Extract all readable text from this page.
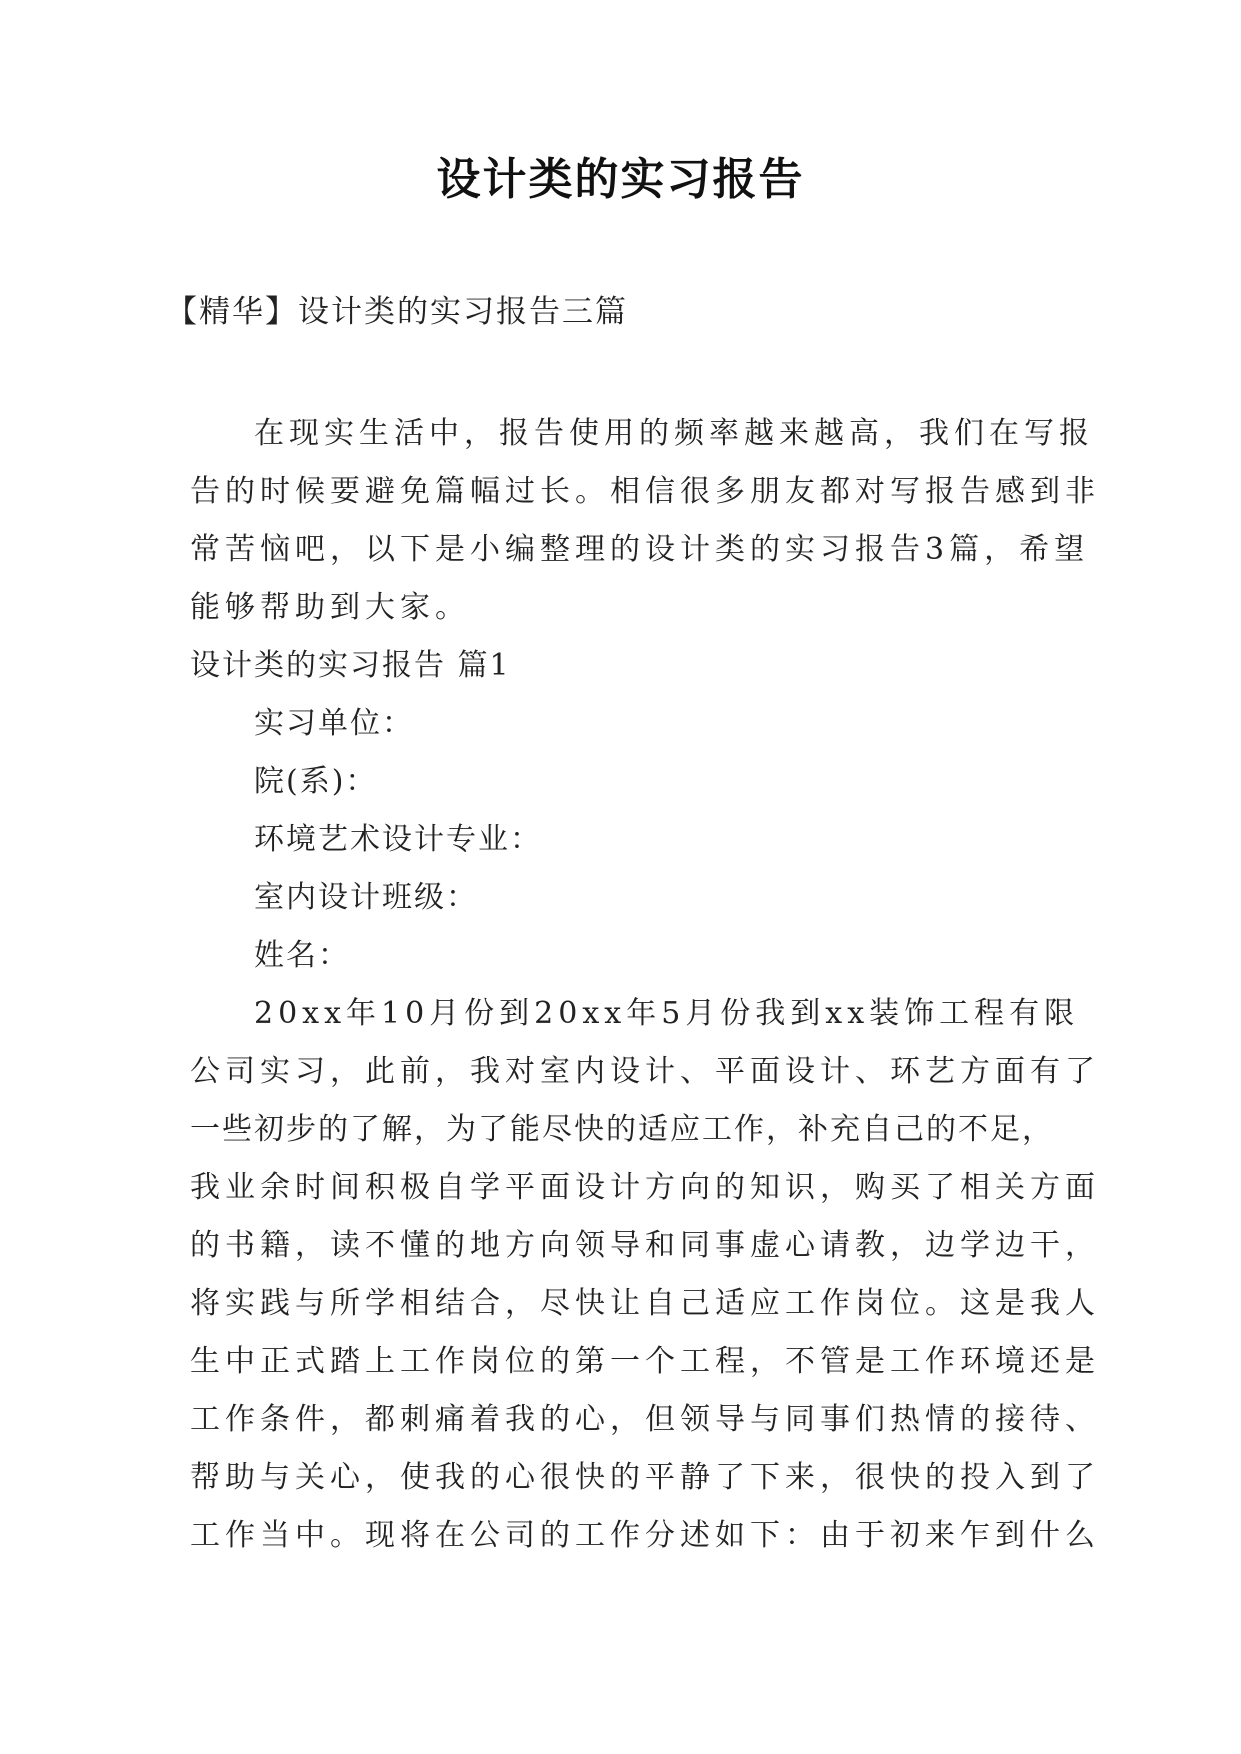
设计类的实习报告
【精华】设计类的实习报告三篇
在现实生活中，报告使用的频率越来越高，我们在写报
告的时候要避免篇幅过长。相信很多朋友都对写报告感到非
常苦恼吧，以下是小编整理的设计类的实习报告3篇，希望
能够帮助到大家。
设计类的实习报告 篇1
实习单位：
院(系)：
环境艺术设计专业：
室内设计班级：
姓名：
20xx年10月份到20xx年5月份我到xx装饰工程有限
公司实习，此前，我对室内设计、平面设计、环艺方面有了
一些初步的了解，为了能尽快的适应工作，补充自己的不足，
我业余时间积极自学平面设计方向的知识，购买了相关方面
的书籍，读不懂的地方向领导和同事虚心请教，边学边干，
将实践与所学相结合，尽快让自己适应工作岗位。这是我人
生中正式踏上工作岗位的第一个工程，不管是工作环境还是
工作条件，都刺痛着我的心，但领导与同事们热情的接待、
帮助与关心，使我的心很快的平静了下来，很快的投入到了
工作当中。现将在公司的工作分述如下：由于初来乍到什么
